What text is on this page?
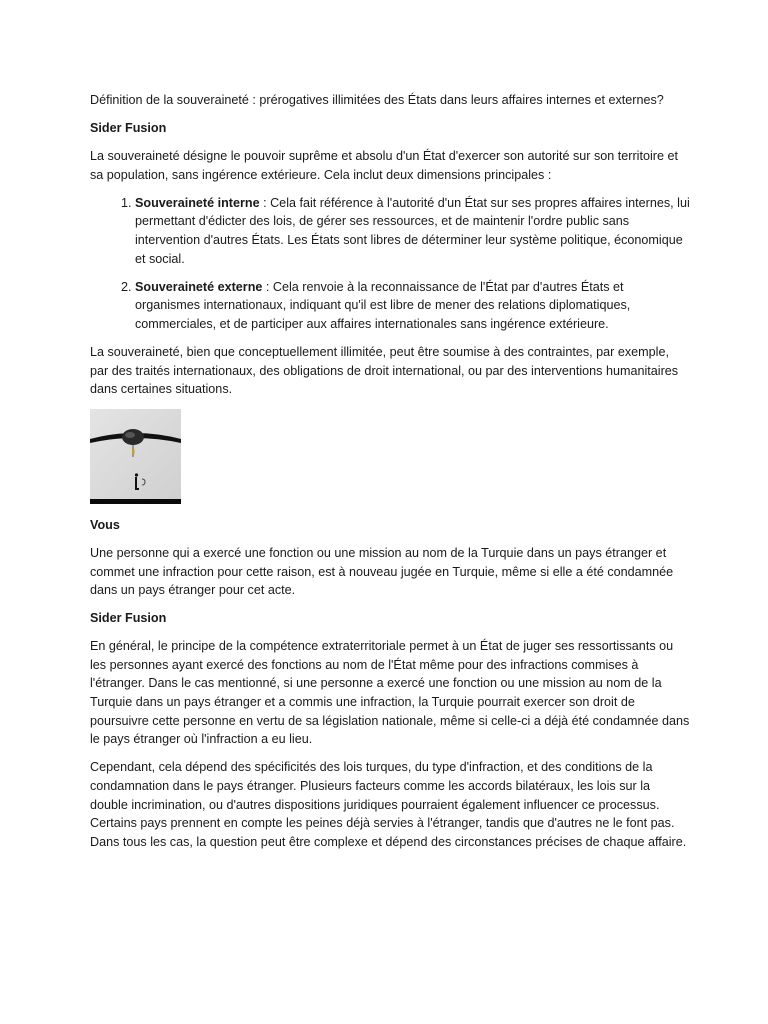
Définition de la souveraineté : prérogatives illimitées des États dans leurs affaires internes et externes?

Sider Fusion

La souveraineté désigne le pouvoir suprême et absolu d'un État d'exercer son autorité sur son territoire et sa population, sans ingérence extérieure. Cela inclut deux dimensions principales :

1. Souveraineté interne : Cela fait référence à l'autorité d'un État sur ses propres affaires internes, lui permettant d'édicter des lois, de gérer ses ressources, et de maintenir l'ordre public sans intervention d'autres États. Les États sont libres de déterminer leur système politique, économique et social.
2. Souveraineté externe : Cela renvoie à la reconnaissance de l'État par d'autres États et organismes internationaux, indiquant qu'il est libre de mener des relations diplomatiques, commerciales, et de participer aux affaires internationales sans ingérence extérieure.

La souveraineté, bien que conceptuellement illimitée, peut être soumise à des contraintes, par exemple, par des traités internationaux, des obligations de droit international, ou par des interventions humanitaires dans certaines situations.

Vous

Une personne qui a exercé une fonction ou une mission au nom de la Turquie dans un pays étranger et commet une infraction pour cette raison, est à nouveau jugée en Turquie, même si elle a été condamnée dans un pays étranger pour cet acte.

Sider Fusion

En général, le principe de la compétence extraterritoriale permet à un État de juger ses ressortissants ou les personnes ayant exercé des fonctions au nom de l'État même pour des infractions commises à l'étranger. Dans le cas mentionné, si une personne a exercé une fonction ou une mission au nom de la Turquie dans un pays étranger et a commis une infraction, la Turquie pourrait exercer son droit de poursuivre cette personne en vertu de sa législation nationale, même si celle-ci a déjà été condamnée dans le pays étranger où l'infraction a eu lieu.

Cependant, cela dépend des spécificités des lois turques, du type d'infraction, et des conditions de la condamnation dans le pays étranger. Plusieurs facteurs comme les accords bilatéraux, les lois sur la double incrimination, ou d'autres dispositions juridiques pourraient également influencer ce processus. Certains pays prennent en compte les peines déjà servies à l'étranger, tandis que d'autres ne le font pas. Dans tous les cas, la question peut être complexe et dépend des circonstances précises de chaque affaire.
